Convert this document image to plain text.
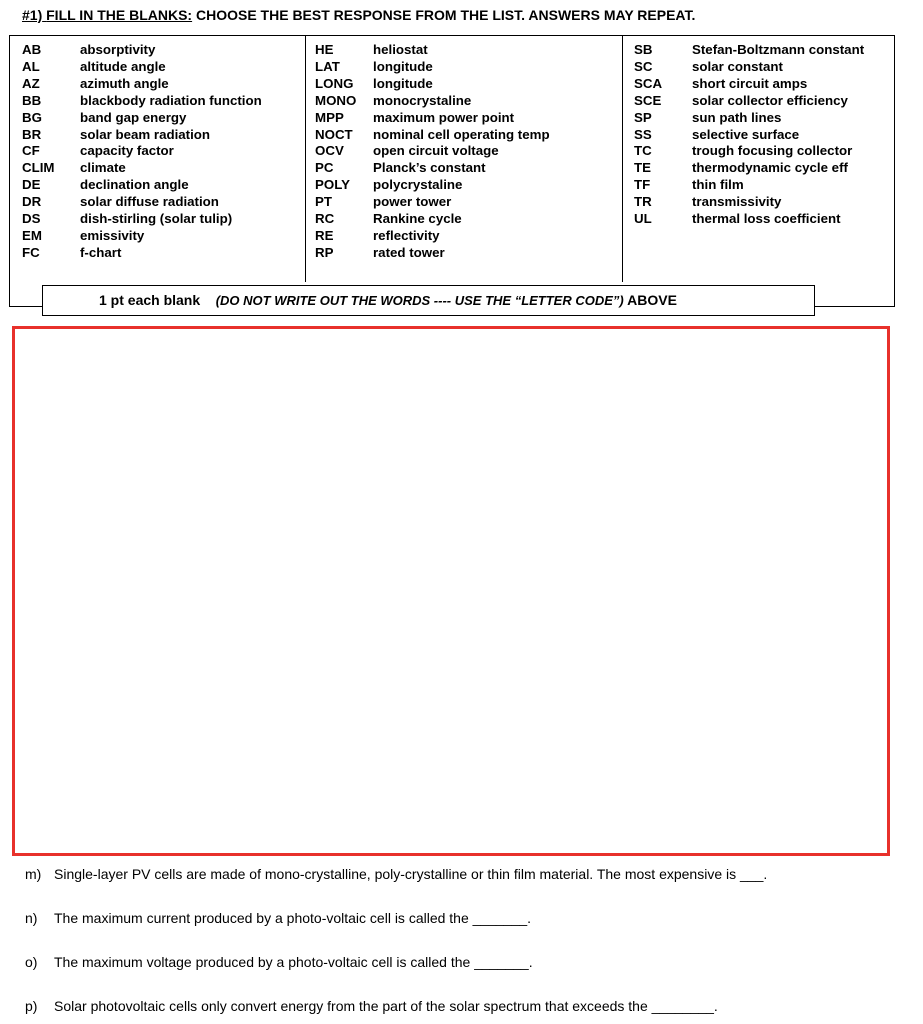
#1) FILL IN THE BLANKS: CHOOSE THE BEST RESPONSE FROM THE LIST. ANSWERS MAY REPEAT.
AB	absorptivity
AL	altitude angle
AZ	azimuth angle
BB	blackbody radiation function
BG	band gap energy
BR	solar beam radiation
CF	capacity factor
CLIM	climate
DE	declination angle
DR	solar diffuse radiation
DS	dish-stirling (solar tulip)
EM	emissivity
FC	f-chart
HE	heliostat
LAT	longitude
LONG	longitude
MONO	monocrystaline
MPP	maximum power point
NOCT	nominal cell operating temp
OCV	open circuit voltage
PC	Planck’s constant
POLY	polycrystaline
PT	power tower
RC	Rankine cycle
RE	reflectivity
RP	rated tower
SB	Stefan-Boltzmann constant
SC	solar constant
SCA	short circuit amps
SCE	solar collector efficiency
SP	sun path lines
SS	selective surface
TC	trough focusing collector
TE	thermodynamic cycle eff
TF	thin film
TR	transmissivity
UL	thermal loss coefficient
1 pt each blank (DO NOT WRITE OUT THE WORDS ---- USE THE “LETTER CODE”) ABOVE
m) Single-layer PV cells are made of mono-crystalline, poly-crystalline or thin film material. The most expensive is ___.
n) The maximum current produced by a photo-voltaic cell is called the _______.
o) The maximum voltage produced by a photo-voltaic cell is called the _______.
p) Solar photovoltaic cells only convert energy from the part of the solar spectrum that exceeds the ________.
